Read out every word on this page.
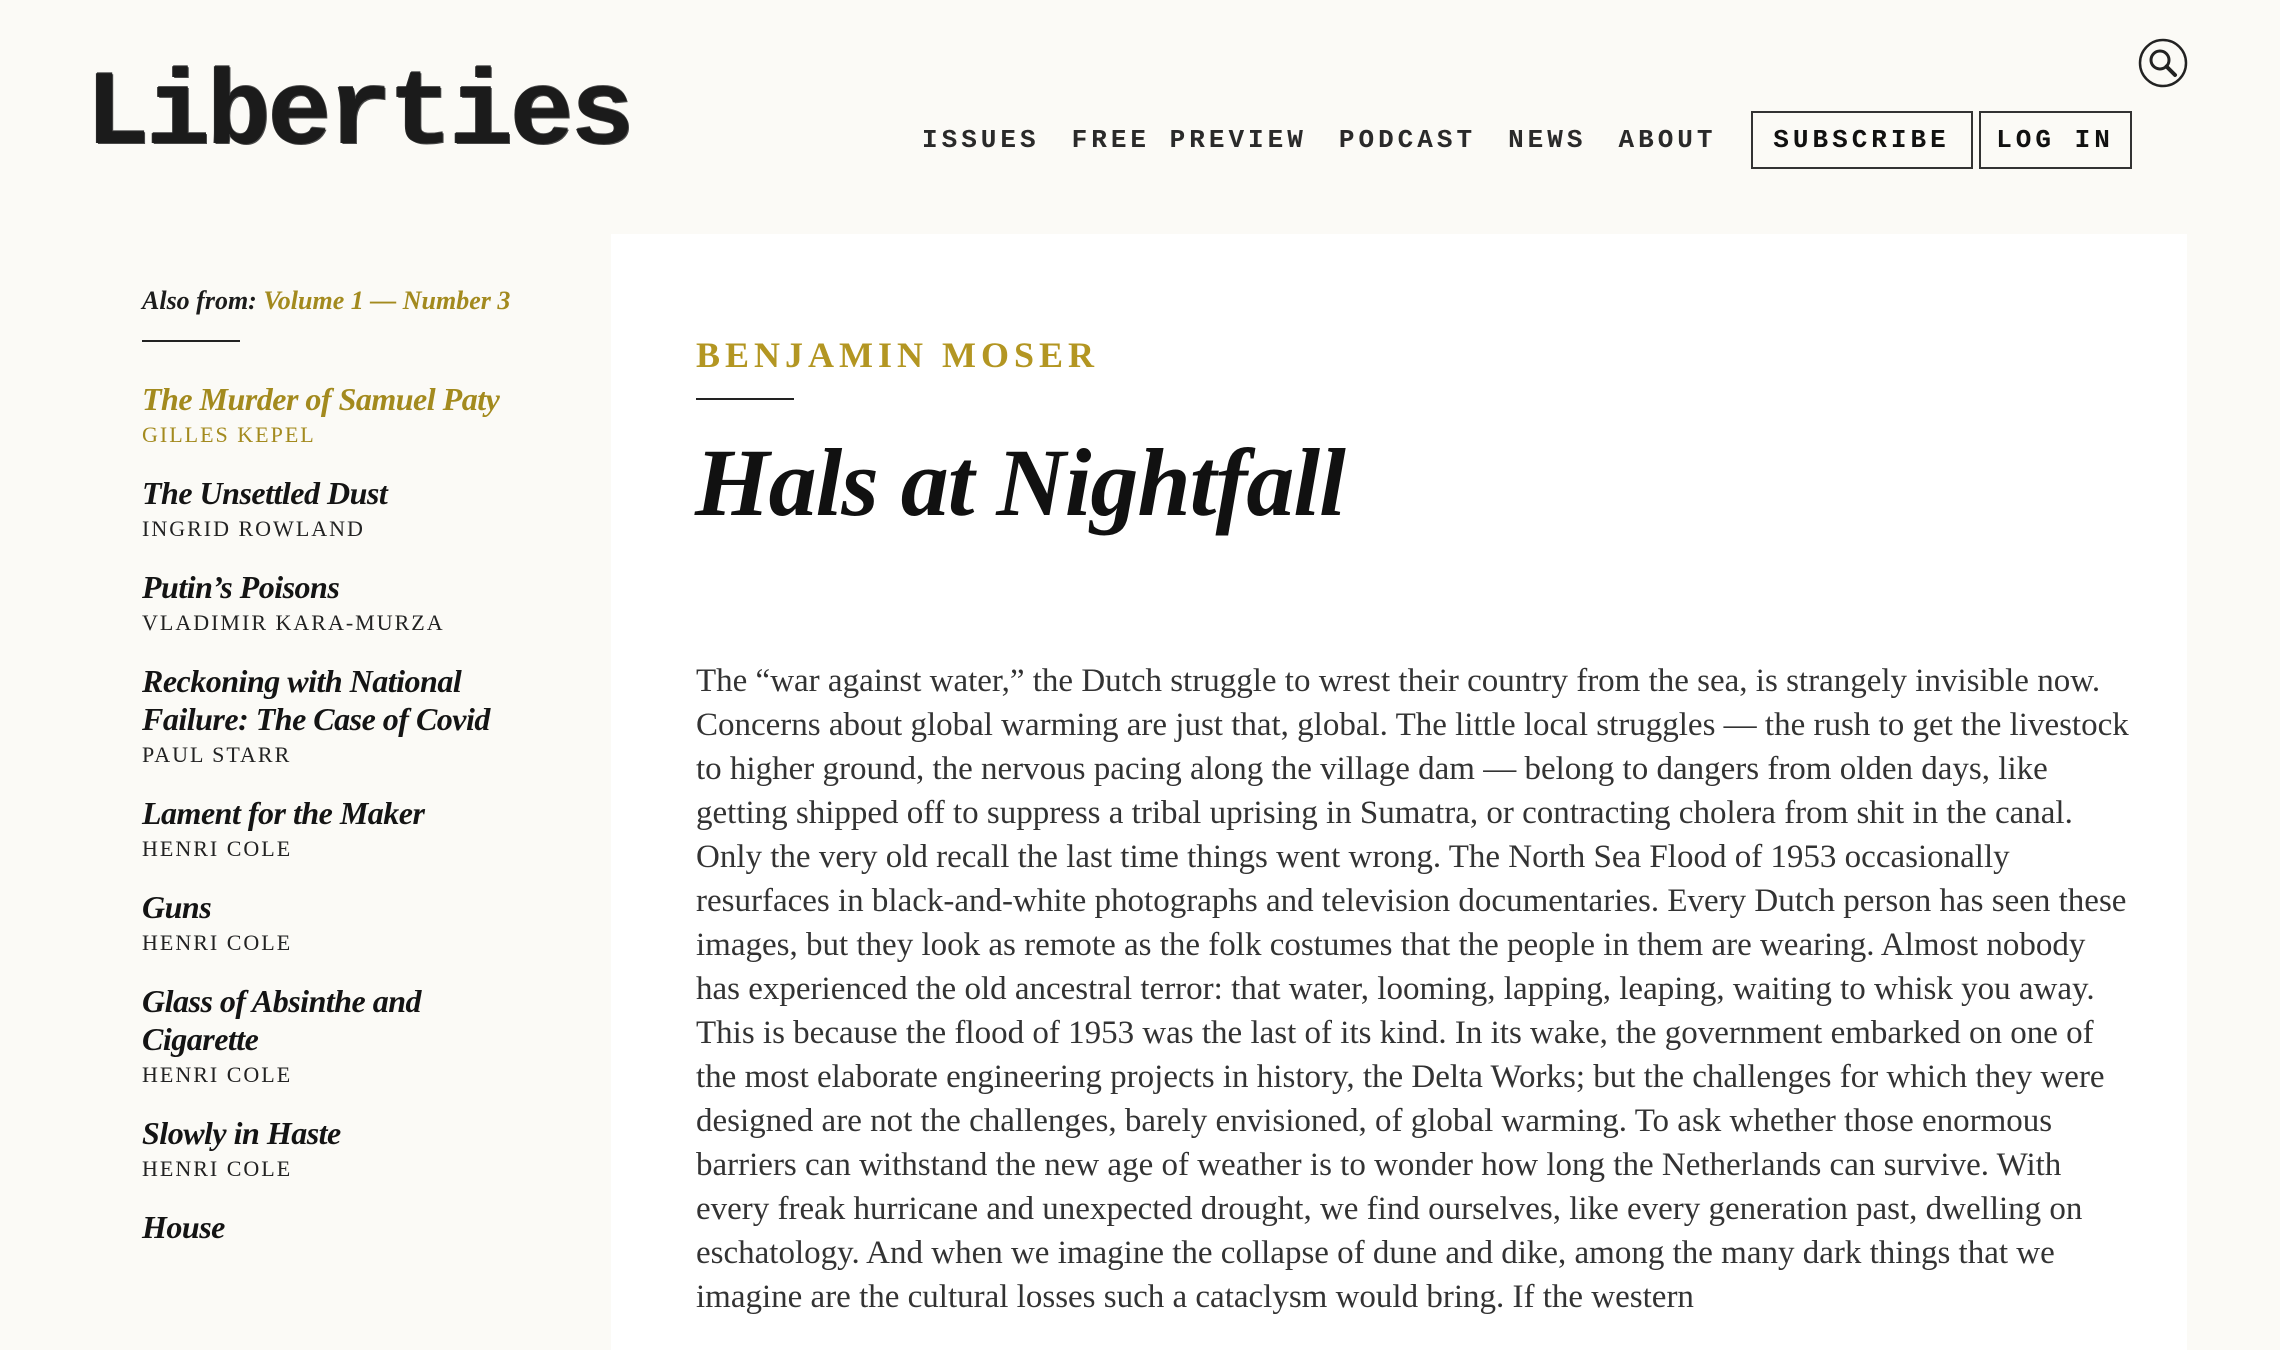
Liberties	ISSUES FREE PREVIEW PODCAST NEWS ABOUT	SUBSCRIBE	LOG IN
Also from: Volume 1 — Number 3
The Murder of Samuel Paty
GILLES KEPEL
The Unsettled Dust
INGRID ROWLAND
Putin’s Poisons
VLADIMIR KARA-MURZA
Reckoning with National Failure: The Case of Covid
PAUL STARR
Lament for the Maker
HENRI COLE
Guns
HENRI COLE
Glass of Absinthe and Cigarette
HENRI COLE
Slowly in Haste
HENRI COLE
House
BENJAMIN MOSER
Hals at Nightfall

The “war against water,” the Dutch struggle to wrest their country from the sea, is strangely invisible now. Concerns about global warming are just that, global. The little local struggles — the rush to get the livestock to higher ground, the nervous pacing along the village dam — belong to dangers from olden days, like getting shipped off to suppress a tribal uprising in Sumatra, or contracting cholera from shit in the canal. Only the very old recall the last time things went wrong. The North Sea Flood of 1953 occasionally resurfaces in black-and-white photographs and television documentaries. Every Dutch person has seen these images, but they look as remote as the folk costumes that the people in them are wearing. Almost nobody has experienced the old ancestral terror: that water, looming, lapping, leaping, waiting to whisk you away. This is because the flood of 1953 was the last of its kind. In its wake, the government embarked on one of the most elaborate engineering projects in history, the Delta Works; but the challenges for which they were designed are not the challenges, barely envisioned, of global warming. To ask whether those enormous barriers can withstand the new age of weather is to wonder how long the Netherlands can survive. With every freak hurricane and unexpected drought, we find ourselves, like every generation past, dwelling on eschatology. And when we imagine the collapse of dune and dike, among the many dark things that we imagine are the cultural losses such a cataclysm would bring. If the western
